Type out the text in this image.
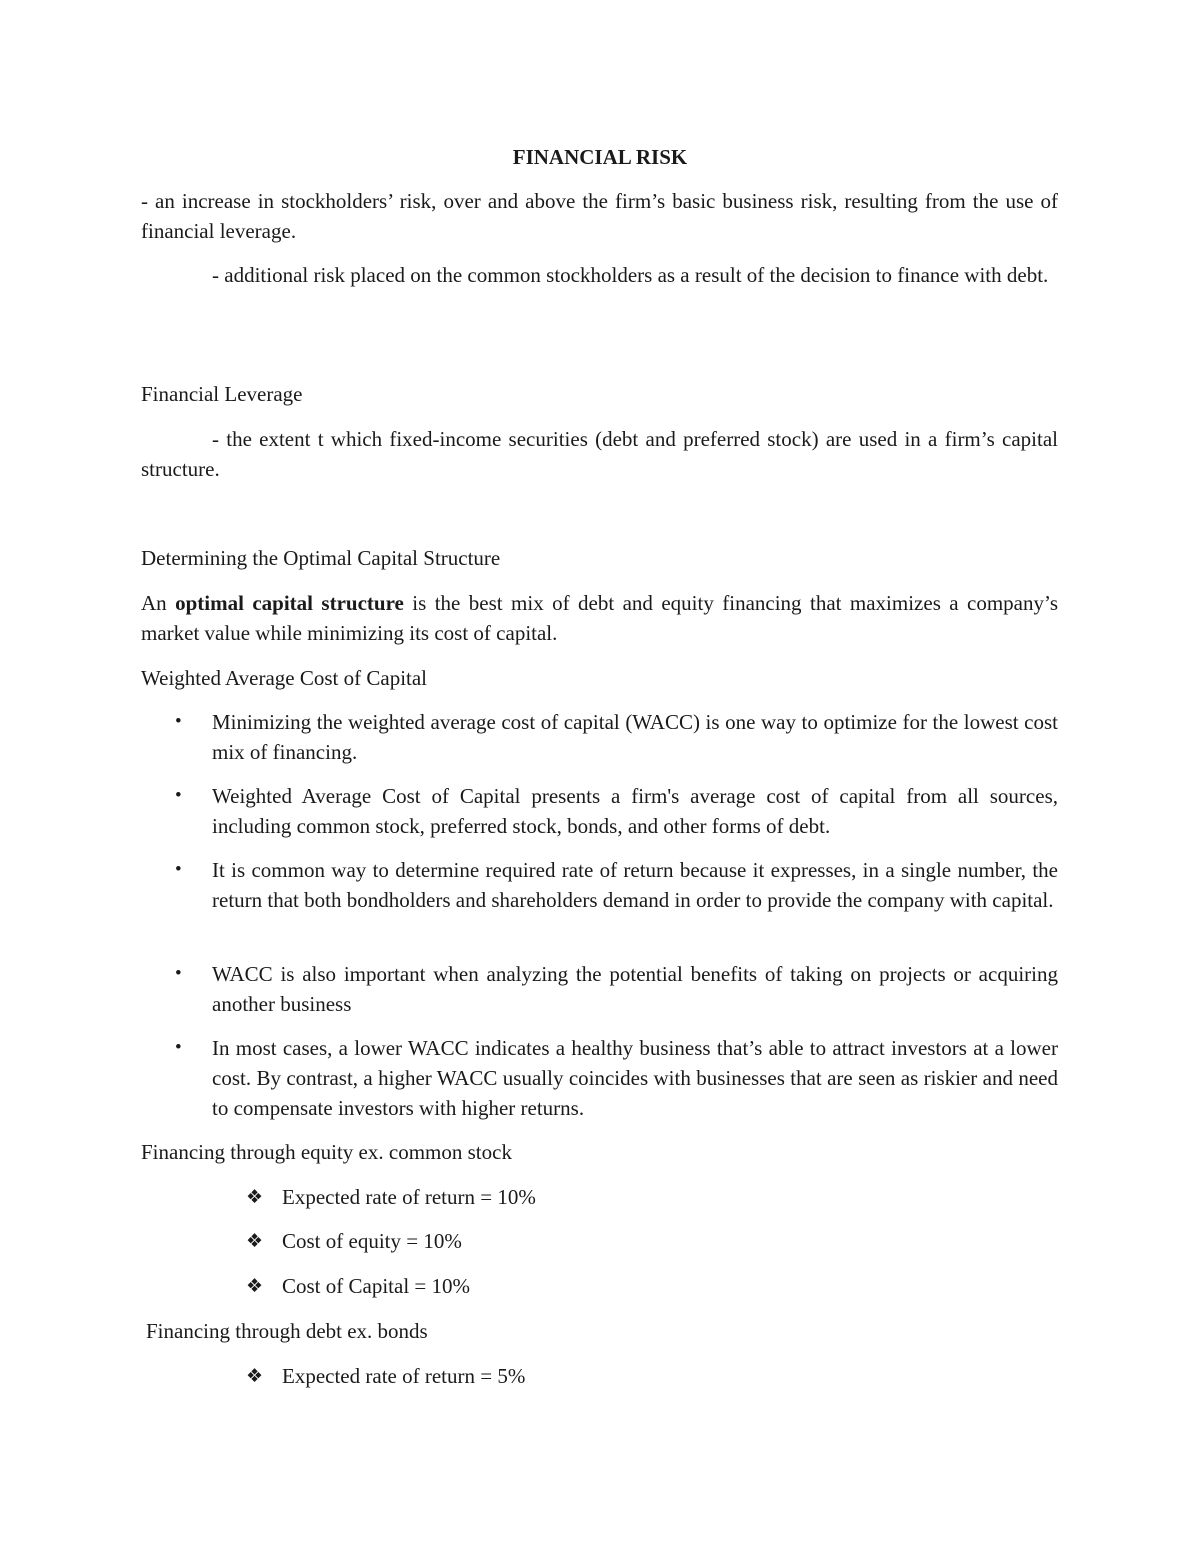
FINANCIAL RISK
- an increase in stockholders’ risk, over and above the firm’s basic business risk, resulting from the use of financial leverage.
- additional risk placed on the common stockholders as a result of the decision to finance with debt.
Financial Leverage
- the extent t which fixed-income securities (debt and preferred stock) are used in a firm’s capital structure.
Determining the Optimal Capital Structure
An optimal capital structure is the best mix of debt and equity financing that maximizes a company’s market value while minimizing its cost of capital.
Weighted Average Cost of Capital
•	Minimizing the weighted average cost of capital (WACC) is one way to optimize for the lowest cost mix of financing.
•	Weighted Average Cost of Capital presents a firm's average cost of capital from all sources, including common stock, preferred stock, bonds, and other forms of debt.
•	It is common way to determine required rate of return because it expresses, in a single number, the return that both bondholders and shareholders demand in order to provide the company with capital.
•	WACC is also important when analyzing the potential benefits of taking on projects or acquiring another business
•	In most cases, a lower WACC indicates a healthy business that’s able to attract investors at a lower cost. By contrast, a higher WACC usually coincides with businesses that are seen as riskier and need to compensate investors with higher returns.
Financing through equity ex. common stock
❖ Expected rate of return = 10%
❖ Cost of equity = 10%
❖ Cost of Capital = 10%
Financing through debt ex. bonds
❖ Expected rate of return = 5%
